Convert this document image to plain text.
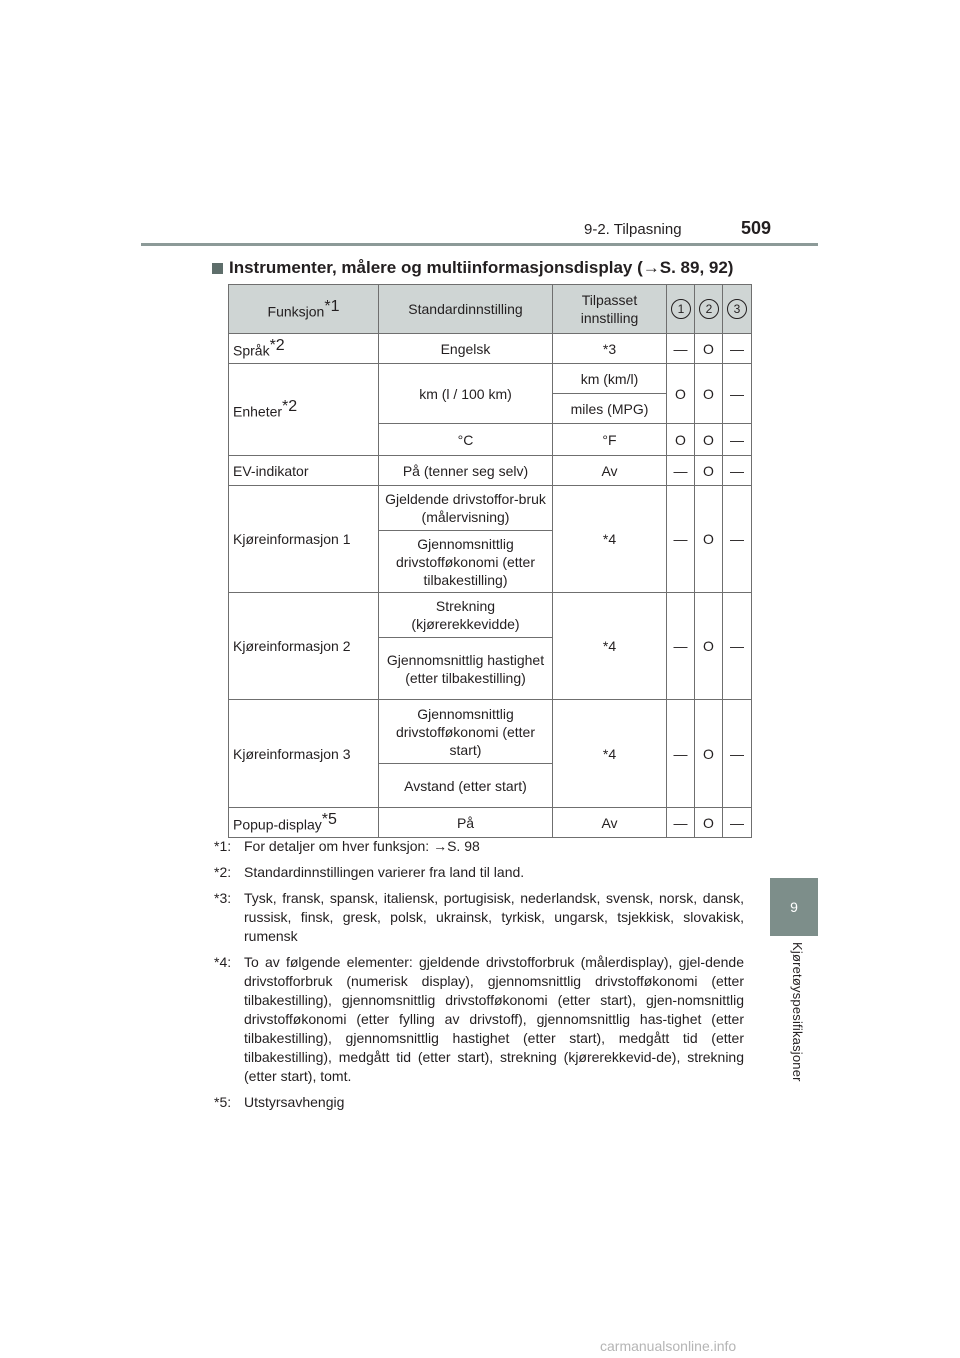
9-2. Tilpasning	509
9
Kjøretøyspesifikasjoner
Instrumenter, målere og multiinformasjonsdisplay (→S. 89, 92)
Funksjon$^{*1}$	Standardinnstilling	Tilpasset innstilling	1	2	3
Språk$^{*2}$	Engelsk	*3	—	O	—
Enheter$^{*2}$	km (l / 100 km)	km (km/l)	O	O	—
		miles (MPG)			
	°C	°F	O	O	—
EV-indikator	På (tenner seg selv)	Av	—	O	—
Kjøreinformasjon 1	Gjeldende drivstoffor-bruk (målervisning)	*4	—	O	—
	Gjennomsnittlig drivstofføkonomi (etter tilbakestilling)				
Kjøreinformasjon 2	Strekning (kjørerekkevidde)	*4	—	O	—
	Gjennomsnittlig hastighet (etter tilbakestilling)				
Kjøreinformasjon 3	Gjennomsnittlig drivstofføkonomi (etter start)	*4	—	O	—
	Avstand (etter start)				
Popup-display$^{*5}$	På	Av	—	O	—
*1: For detaljer om hver funksjon: →S. 98
*2: Standardinnstillingen varierer fra land til land.
*3: Tysk, fransk, spansk, italiensk, portugisisk, nederlandsk, svensk, norsk, dansk, russisk, finsk, gresk, polsk, ukrainsk, tyrkisk, ungarsk, tsjekkisk, slovakisk, rumensk
*4: To av følgende elementer: gjeldende drivstofforbruk (målerdisplay), gjel-dende drivstofforbruk (numerisk display), gjennomsnittlig drivstofføkonomi (etter tilbakestilling), gjennomsnittlig drivstofføkonomi (etter start), gjen-nomsnittlig drivstofføkonomi (etter fylling av drivstoff), gjennomsnittlig has-tighet (etter tilbakestilling), gjennomsnittlig hastighet (etter start), medgått tid (etter tilbakestilling), medgått tid (etter start), strekning (kjørerekkevid-de), strekning (etter start), tomt.
*5: Utstyrsavhengig
carmanualsonline.info
